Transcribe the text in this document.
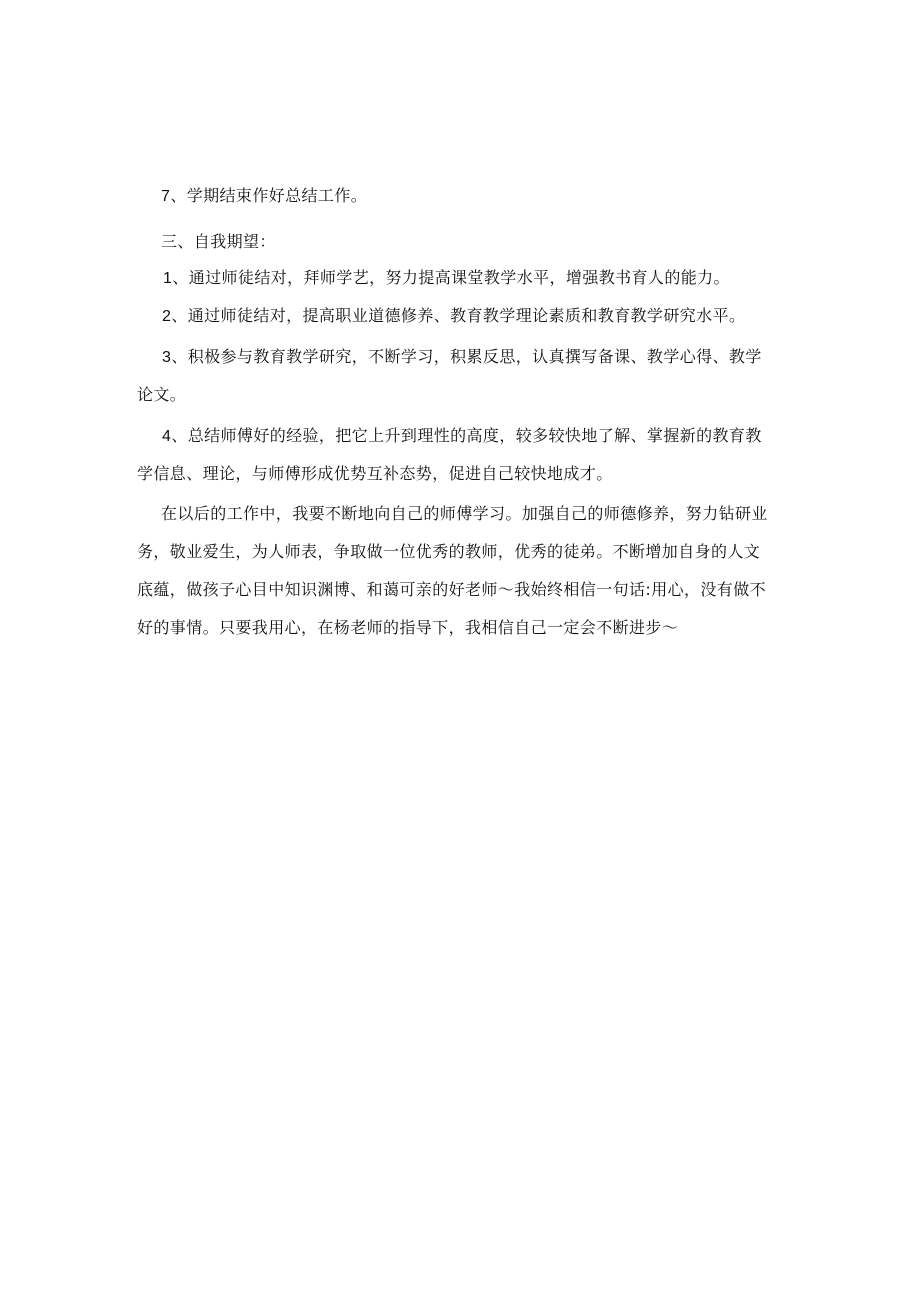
7、学期结束作好总结工作。
三、自我期望：
1、通过师徒结对，拜师学艺，努力提高课堂教学水平，增强教书育人的能力。
2、通过师徒结对，提高职业道德修养、教育教学理论素质和教育教学研究水平。
3、积极参与教育教学研究，不断学习，积累反思，认真撰写备课、教学心得、教学
论文。
4、总结师傅好的经验，把它上升到理性的高度，较多较快地了解、掌握新的教育教
学信息、理论，与师傅形成优势互补态势，促进自己较快地成才。
在以后的工作中，我要不断地向自己的师傅学习。加强自己的师德修养，努力钻研业
务，敬业爱生，为人师表，争取做一位优秀的教师，优秀的徒弟。不断增加自身的人文
底蕴，做孩子心目中知识渊博、和蔼可亲的好老师～我始终相信一句话:用心，没有做不
好的事情。只要我用心，在杨老师的指导下，我相信自己一定会不断进步～
